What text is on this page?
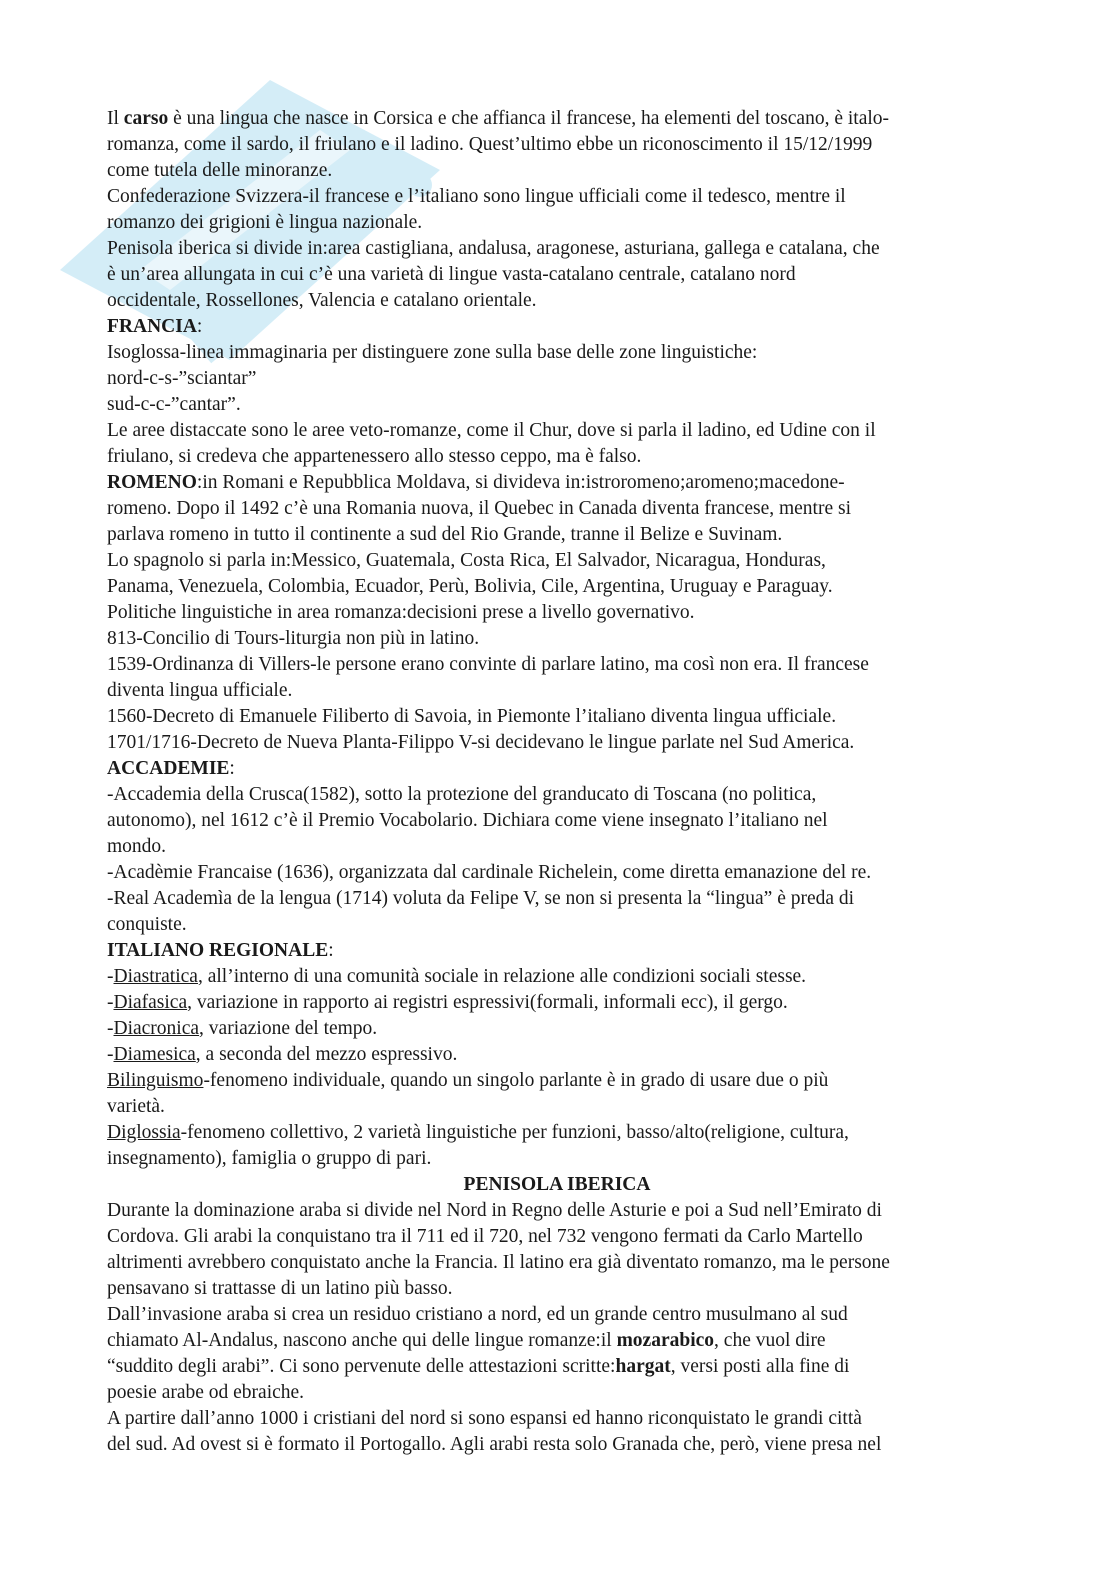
Il carso è una lingua che nasce in Corsica e che affianca il francese, ha elementi del toscano, è italo-
romanza, come il sardo, il friulano e il ladino. Quest’ultimo ebbe un riconoscimento il 15/12/1999
come tutela delle minoranze.
Confederazione Svizzera-il francese e l’italiano sono lingue ufficiali come il tedesco, mentre il
romanzo dei grigioni è lingua nazionale.
Penisola iberica si divide in:area castigliana, andalusa, aragonese, asturiana, gallega e catalana, che
è un’area allungata in cui c’è una varietà di lingue vasta-catalano centrale, catalano nord
occidentale, Rossellones, Valencia e catalano orientale.
FRANCIA:
Isoglossa-linea immaginaria per distinguere zone sulla base delle zone linguistiche:
nord-c-s-”sciantar”
sud-c-c-”cantar”.
Le aree distaccate sono le aree veto-romanze, come il Chur, dove si parla il ladino, ed Udine con il
friulano, si credeva che appartenessero allo stesso ceppo, ma è falso.
ROMENO:in Romani e Repubblica Moldava, si divideva in:istroromeno;aromeno;macedone-
romeno. Dopo il 1492 c’è una Romania nuova, il Quebec in Canada diventa francese, mentre si
parlava romeno in tutto il continente a sud del Rio Grande, tranne il Belize e Suvinam.
Lo spagnolo si parla in:Messico, Guatemala, Costa Rica, El Salvador, Nicaragua, Honduras,
Panama, Venezuela, Colombia, Ecuador, Perù, Bolivia, Cile, Argentina, Uruguay e Paraguay.
Politiche linguistiche in area romanza:decisioni prese a livello governativo.
813-Concilio di Tours-liturgia non più in latino.
1539-Ordinanza di Villers-le persone erano convinte di parlare latino, ma così non era. Il francese
diventa lingua ufficiale.
1560-Decreto di Emanuele Filiberto di Savoia, in Piemonte l’italiano diventa lingua ufficiale.
1701/1716-Decreto de Nueva Planta-Filippo V-si decidevano le lingue parlate nel Sud America.
ACCADEMIE:
-Accademia della Crusca(1582), sotto la protezione del granducato di Toscana (no politica,
autonomo), nel 1612 c’è il Premio Vocabolario. Dichiara come viene insegnato l’italiano nel
mondo.
-Acadèmie Francaise (1636), organizzata dal cardinale Richelein, come diretta emanazione del re.
-Real Academìa de la lengua (1714) voluta da Felipe V, se non si presenta la “lingua” è preda di
conquiste.
ITALIANO REGIONALE:
-Diastratica, all’interno di una comunità sociale in relazione alle condizioni sociali stesse.
-Diafasica, variazione in rapporto ai registri espressivi(formali, informali ecc), il gergo.
-Diacronica, variazione del tempo.
-Diamesica, a seconda del mezzo espressivo.
Bilinguismo-fenomeno individuale, quando un singolo parlante è in grado di usare due o più
varietà.
Diglossia-fenomeno collettivo, 2 varietà linguistiche per funzioni, basso/alto(religione, cultura,
insegnamento), famiglia o gruppo di pari.
PENISOLA IBERICA
Durante la dominazione araba si divide nel Nord in Regno delle Asturie e poi a Sud nell’Emirato di
Cordova. Gli arabi la conquistano tra il 711 ed il 720, nel 732 vengono fermati da Carlo Martello
altrimenti avrebbero conquistato anche la Francia. Il latino era già diventato romanzo, ma le persone
pensavano si trattasse di un latino più basso.
Dall’invasione araba si crea un residuo cristiano a nord, ed un grande centro musulmano al sud
chiamato Al-Andalus, nascono anche qui delle lingue romanze:il mozarabico, che vuol dire
“suddito degli arabi”. Ci sono pervenute delle attestazioni scritte:hargat, versi posti alla fine di
poesie arabe od ebraiche.
A partire dall’anno 1000 i cristiani del nord si sono espansi ed hanno riconquistato le grandi città
del sud. Ad ovest si è formato il Portogallo. Agli arabi resta solo Granada che, però, viene presa nel
